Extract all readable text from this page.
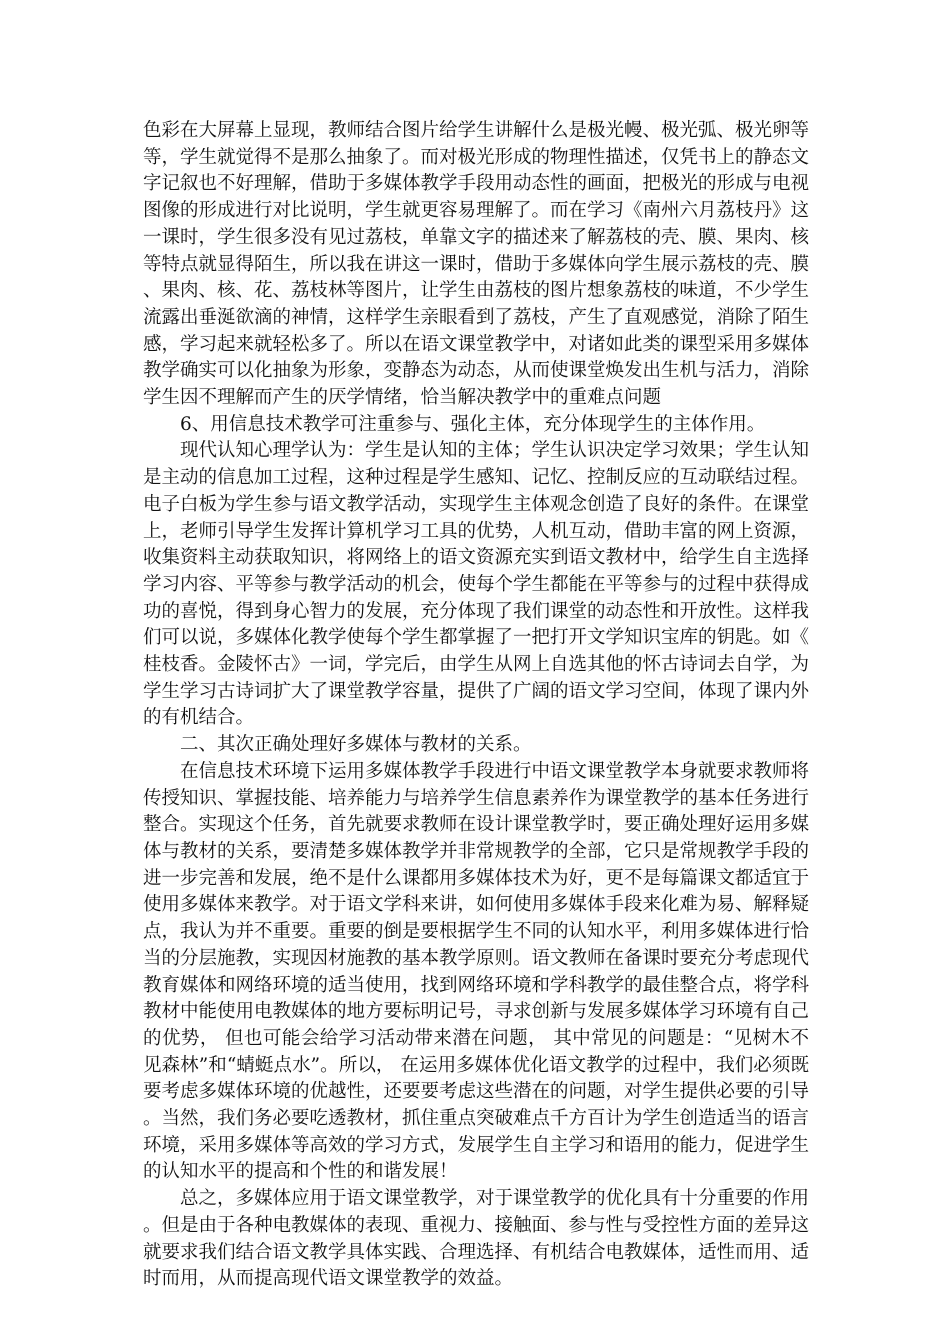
色彩在大屏幕上显现，教师结合图片给学生讲解什么是极光幔、极光弧、极光卵等等，学生就觉得不是那么抽象了。而对极光形成的物理性描述，仅凭书上的静态文字记叙也不好理解，借助于多媒体教学手段用动态性的画面，把极光的形成与电视图像的形成进行对比说明，学生就更容易理解了。而在学习《南州六月荔枝丹》这一课时，学生很多没有见过荔枝，单靠文字的描述来了解荔枝的壳、膜、果肉、核等特点就显得陌生，所以我在讲这一课时，借助于多媒体向学生展示荔枝的壳、膜、果肉、核、花、荔枝林等图片，让学生由荔枝的图片想象荔枝的味道，不少学生流露出垂涎欲滴的神情，这样学生亲眼看到了荔枝，产生了直观感觉，消除了陌生感，学习起来就轻松多了。所以在语文课堂教学中，对诸如此类的课型采用多媒体教学确实可以化抽象为形象，变静态为动态，从而使课堂焕发出生机与活力，消除学生因不理解而产生的厌学情绪，恰当解决教学中的重难点问题

6、用信息技术教学可注重参与、强化主体，充分体现学生的主体作用。

现代认知心理学认为：学生是认知的主体；学生认识决定学习效果；学生认知是主动的信息加工过程，这种过程是学生感知、记忆、控制反应的互动联结过程。电子白板为学生参与语文教学活动，实现学生主体观念创造了良好的条件。在课堂上，老师引导学生发挥计算机学习工具的优势，人机互动，借助丰富的网上资源，收集资料主动获取知识，将网络上的语文资源充实到语文教材中，给学生自主选择学习内容、平等参与教学活动的机会，使每个学生都能在平等参与的过程中获得成功的喜悦，得到身心智力的发展，充分体现了我们课堂的动态性和开放性。这样我们可以说，多媒体化教学使每个学生都掌握了一把打开文学知识宝库的钥匙。如《桂枝香。金陵怀古》一词，学完后，由学生从网上自选其他的怀古诗词去自学，为学生学习古诗词扩大了课堂教学容量，提供了广阔的语文学习空间，体现了课内外的有机结合。

二、其次正确处理好多媒体与教材的关系。

在信息技术环境下运用多媒体教学手段进行中语文课堂教学本身就要求教师将传授知识、掌握技能、培养能力与培养学生信息素养作为课堂教学的基本任务进行整合。实现这个任务，首先就要求教师在设计课堂教学时，要正确处理好运用多媒体与教材的关系，要清楚多媒体教学并非常规教学的全部，它只是常规教学手段的进一步完善和发展，绝不是什么课都用多媒体技术为好，更不是每篇课文都适宜于使用多媒体来教学。对于语文学科来讲，如何使用多媒体手段来化难为易、解释疑点，我认为并不重要。重要的倒是要根据学生不同的认知水平，利用多媒体进行恰当的分层施教，实现因材施教的基本教学原则。语文教师在备课时要充分考虑现代教育媒体和网络环境的适当使用，找到网络环境和学科教学的最佳整合点，将学科教材中能使用电教媒体的地方要标明记号，寻求创新与发展多媒体学习环境有自己的优势， 但也可能会给学习活动带来潜在问题， 其中常见的问题是：“见树木不见森林”和“蜻蜓点水”。所以， 在运用多媒体优化语文教学的过程中，我们必须既要考虑多媒体环境的优越性，还要要考虑这些潜在的问题，对学生提供必要的引导。当然，我们务必要吃透教材，抓住重点突破难点千方百计为学生创造适当的语言环境，采用多媒体等高效的学习方式，发展学生自主学习和语用的能力，促进学生的认知水平的提高和个性的和谐发展！

总之，多媒体应用于语文课堂教学，对于课堂教学的优化具有十分重要的作用。但是由于各种电教媒体的表现、重视力、接触面、参与性与受控性方面的差异这就要求我们结合语文教学具体实践、合理选择、有机结合电教媒体，适性而用、适时而用，从而提高现代语文课堂教学的效益。
